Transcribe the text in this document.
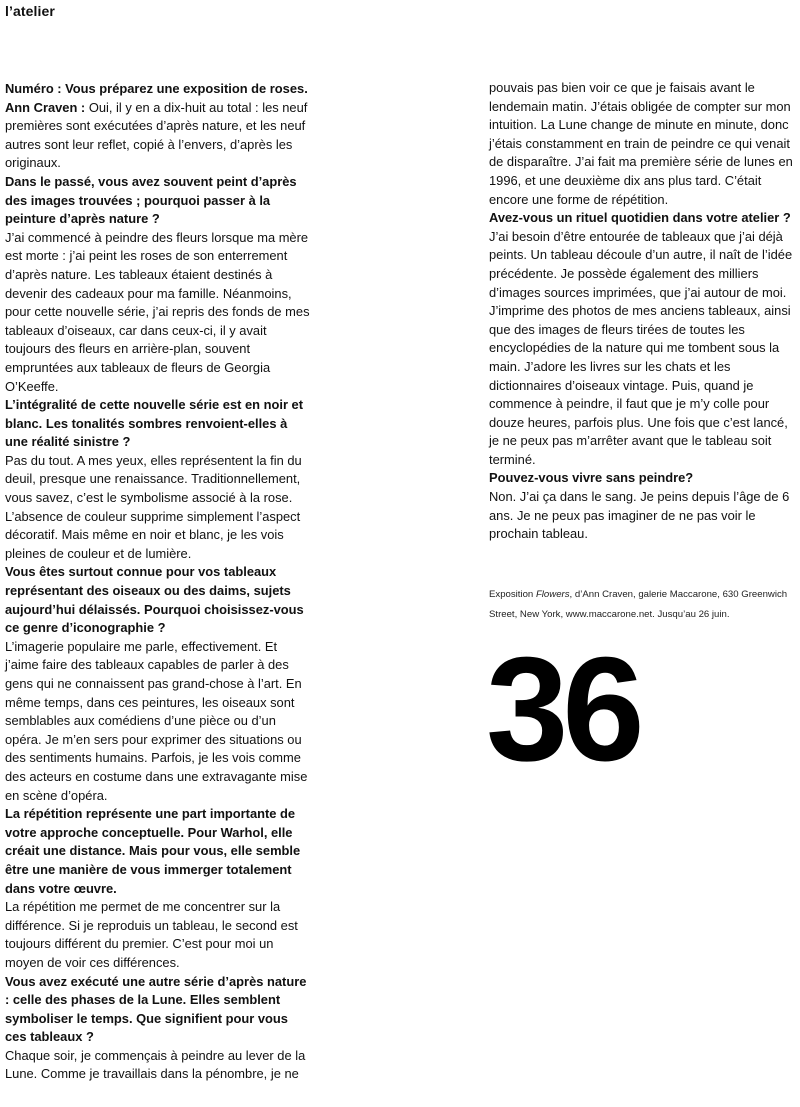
l’atelier

Numéro : Vous préparez une exposition de roses.

Ann Craven : Oui, il y en a dix-huit au total : les neuf premières sont exécutées d’après nature, et les neuf autres sont leur reflet, copié à l’envers, d’après les originaux.

Dans le passé, vous avez souvent peint d’après des images trouvées ; pourquoi passer à la peinture d’après nature ?

J’ai commencé à peindre des fleurs lorsque ma mère est morte : j’ai peint les roses de son enterrement d’après nature. Les tableaux étaient destinés à devenir des cadeaux pour ma famille. Néanmoins, pour cette nouvelle série, j’ai repris des fonds de mes tableaux d’oiseaux, car dans ceux-ci, il y avait toujours des fleurs en arrière-plan, souvent empruntées aux tableaux de fleurs de Georgia O’Keeffe.

L’intégralité de cette nouvelle série est en noir et blanc. Les tonalités sombres renvoient-elles à une réalité sinistre ?

Pas du tout. A mes yeux, elles représentent la fin du deuil, presque une renaissance. Traditionnellement, vous savez, c’est le symbolisme associé à la rose. L’absence de couleur supprime simplement l’aspect décoratif. Mais même en noir et blanc, je les vois pleines de couleur et de lumière.

Vous êtes surtout connue pour vos tableaux représentant des oiseaux ou des daims, sujets aujourd’hui délaissés. Pourquoi choisissez-vous ce genre d’iconographie ?

L’imagerie populaire me parle, effectivement. Et j’aime faire des tableaux capables de parler à des gens qui ne connaissent pas grand-chose à l’art. En même temps, dans ces peintures, les oiseaux sont semblables aux comédiens d’une pièce ou d’un opéra. Je m’en sers pour exprimer des situations ou des sentiments humains. Parfois, je les vois comme des acteurs en costume dans une extravagante mise en scène d’opéra.

La répétition représente une part importante de votre approche conceptuelle. Pour Warhol, elle créait une distance. Mais pour vous, elle semble être une manière de vous immerger totalement dans votre œuvre.

La répétition me permet de me concentrer sur la différence. Si je reproduis un tableau, le second est toujours différent du premier. C’est pour moi un moyen de voir ces différences.

Vous avez exécuté une autre série d’après nature : celle des phases de la Lune. Elles semblent symboliser le temps. Que signifient pour vous ces tableaux ?

Chaque soir, je commençais à peindre au lever de la Lune. Comme je travaillais dans la pénombre, je ne

pouvais pas bien voir ce que je faisais avant le lendemain matin. J’étais obligée de compter sur mon intuition. La Lune change de minute en minute, donc j’étais constamment en train de peindre ce qui venait de disparaître. J’ai fait ma première série de lunes en 1996, et une deuxième dix ans plus tard. C’était encore une forme de répétition.

Avez-vous un rituel quotidien dans votre atelier ?

J’ai besoin d’être entourée de tableaux que j’ai déjà peints. Un tableau découle d’un autre, il naît de l’idée précédente. Je possède également des milliers d’images sources imprimées, que j’ai autour de moi. J’imprime des photos de mes anciens tableaux, ainsi que des images de fleurs tirées de toutes les encyclopédies de la nature qui me tombent sous la main. J’adore les livres sur les chats et les dictionnaires d’oiseaux vintage. Puis, quand je commence à peindre, il faut que je m’y colle pour douze heures, parfois plus. Une fois que c’est lancé, je ne peux pas m’arrêter avant que le tableau soit terminé.

Pouvez-vous vivre sans peindre?

Non. J’ai ça dans le sang. Je peins depuis l’âge de 6 ans. Je ne peux pas imaginer de ne pas voir le prochain tableau.

Exposition Flowers, d’Ann Craven, galerie Maccarone, 630 Greenwich Street, New York, www.maccarone.net. Jusqu’au 26 juin.
36
